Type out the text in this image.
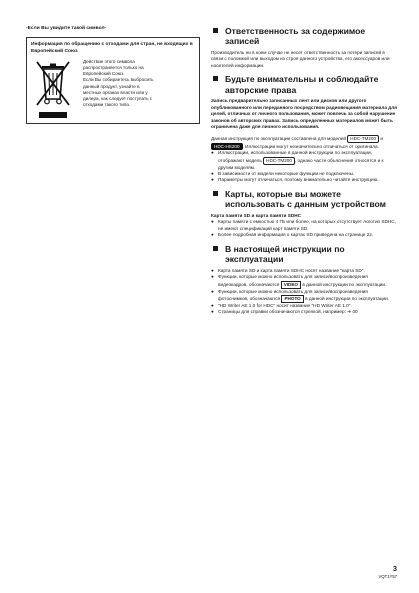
-Если Вы увидите такой символ-
Информация по обращению с отходами для стран, не входящих в Европейский Союз
Действие этого символа
распространяется только на
Европейский Союз.
Если Вы собираетесь выбросить
данный продукт, узнайте в
местных органах власти или у
дилера, как следует поступать с
отходами такого типа.
Ответственность за содержимое записей
Производитель ни в коем случае не несет ответственность за потери записей в связи с поломкой или выходом из строя данного устройства, его аксессуаров или носителей информации.
Будьте внимательны и соблюдайте авторские права
Запись предварительно записанных лент или дисков или другого опубликованного или переданного посредством радиовещания материала для целей, отличных от личного пользования, может повлечь за собой нарушение законов об авторских правах. Запись определенных материалов может быть ограничена даже для личного использования.
Данная инструкция по эксплуатации составлена для моделей HDC-TM200 и HDC-HS200 . Иллюстрации могут незначительно отличаться от оригинала.
● Иллюстрации, использованные в данной инструкции по эксплуатации, отображают модель HDC-TM200 , однако части объяснения относятся и к другим моделям.
● В зависимости от модели некоторые функции не подключены.
● Параметры могут отличаться, поэтому внимательно читайте инструкцию.
Карты, которые вы можете использовать с данным устройством
Карта памяти SD и карта памяти SDHC
● Карты памяти с емкостью 4 ГБ или более, на которых отсутствует логотип SDHC, не имеют спецификаций карт памяти SD.
● Более подробная информация о картах SD приведена на странице 22.
В настоящей инструкции по эксплуатации
● Карта памяти SD и карта памяти SDHC носят название "карта SD".
● Функции, которые можно использовать для записи/воспроизведения видеокадров, обозначаются VIDEO в данной инструкции по эксплуатации.
● Функции, которые можно использовать для записи/воспроизведения фотоснимков, обозначаются PHOTO в данной инструкции по эксплуатации.
● "HD Writer AE 1.0 for HDC" носит название "HD Writer AE 1.0".
● Страницы для справки обозначаются стрелкой, например: ➜ 00
3
VQT1Y57
